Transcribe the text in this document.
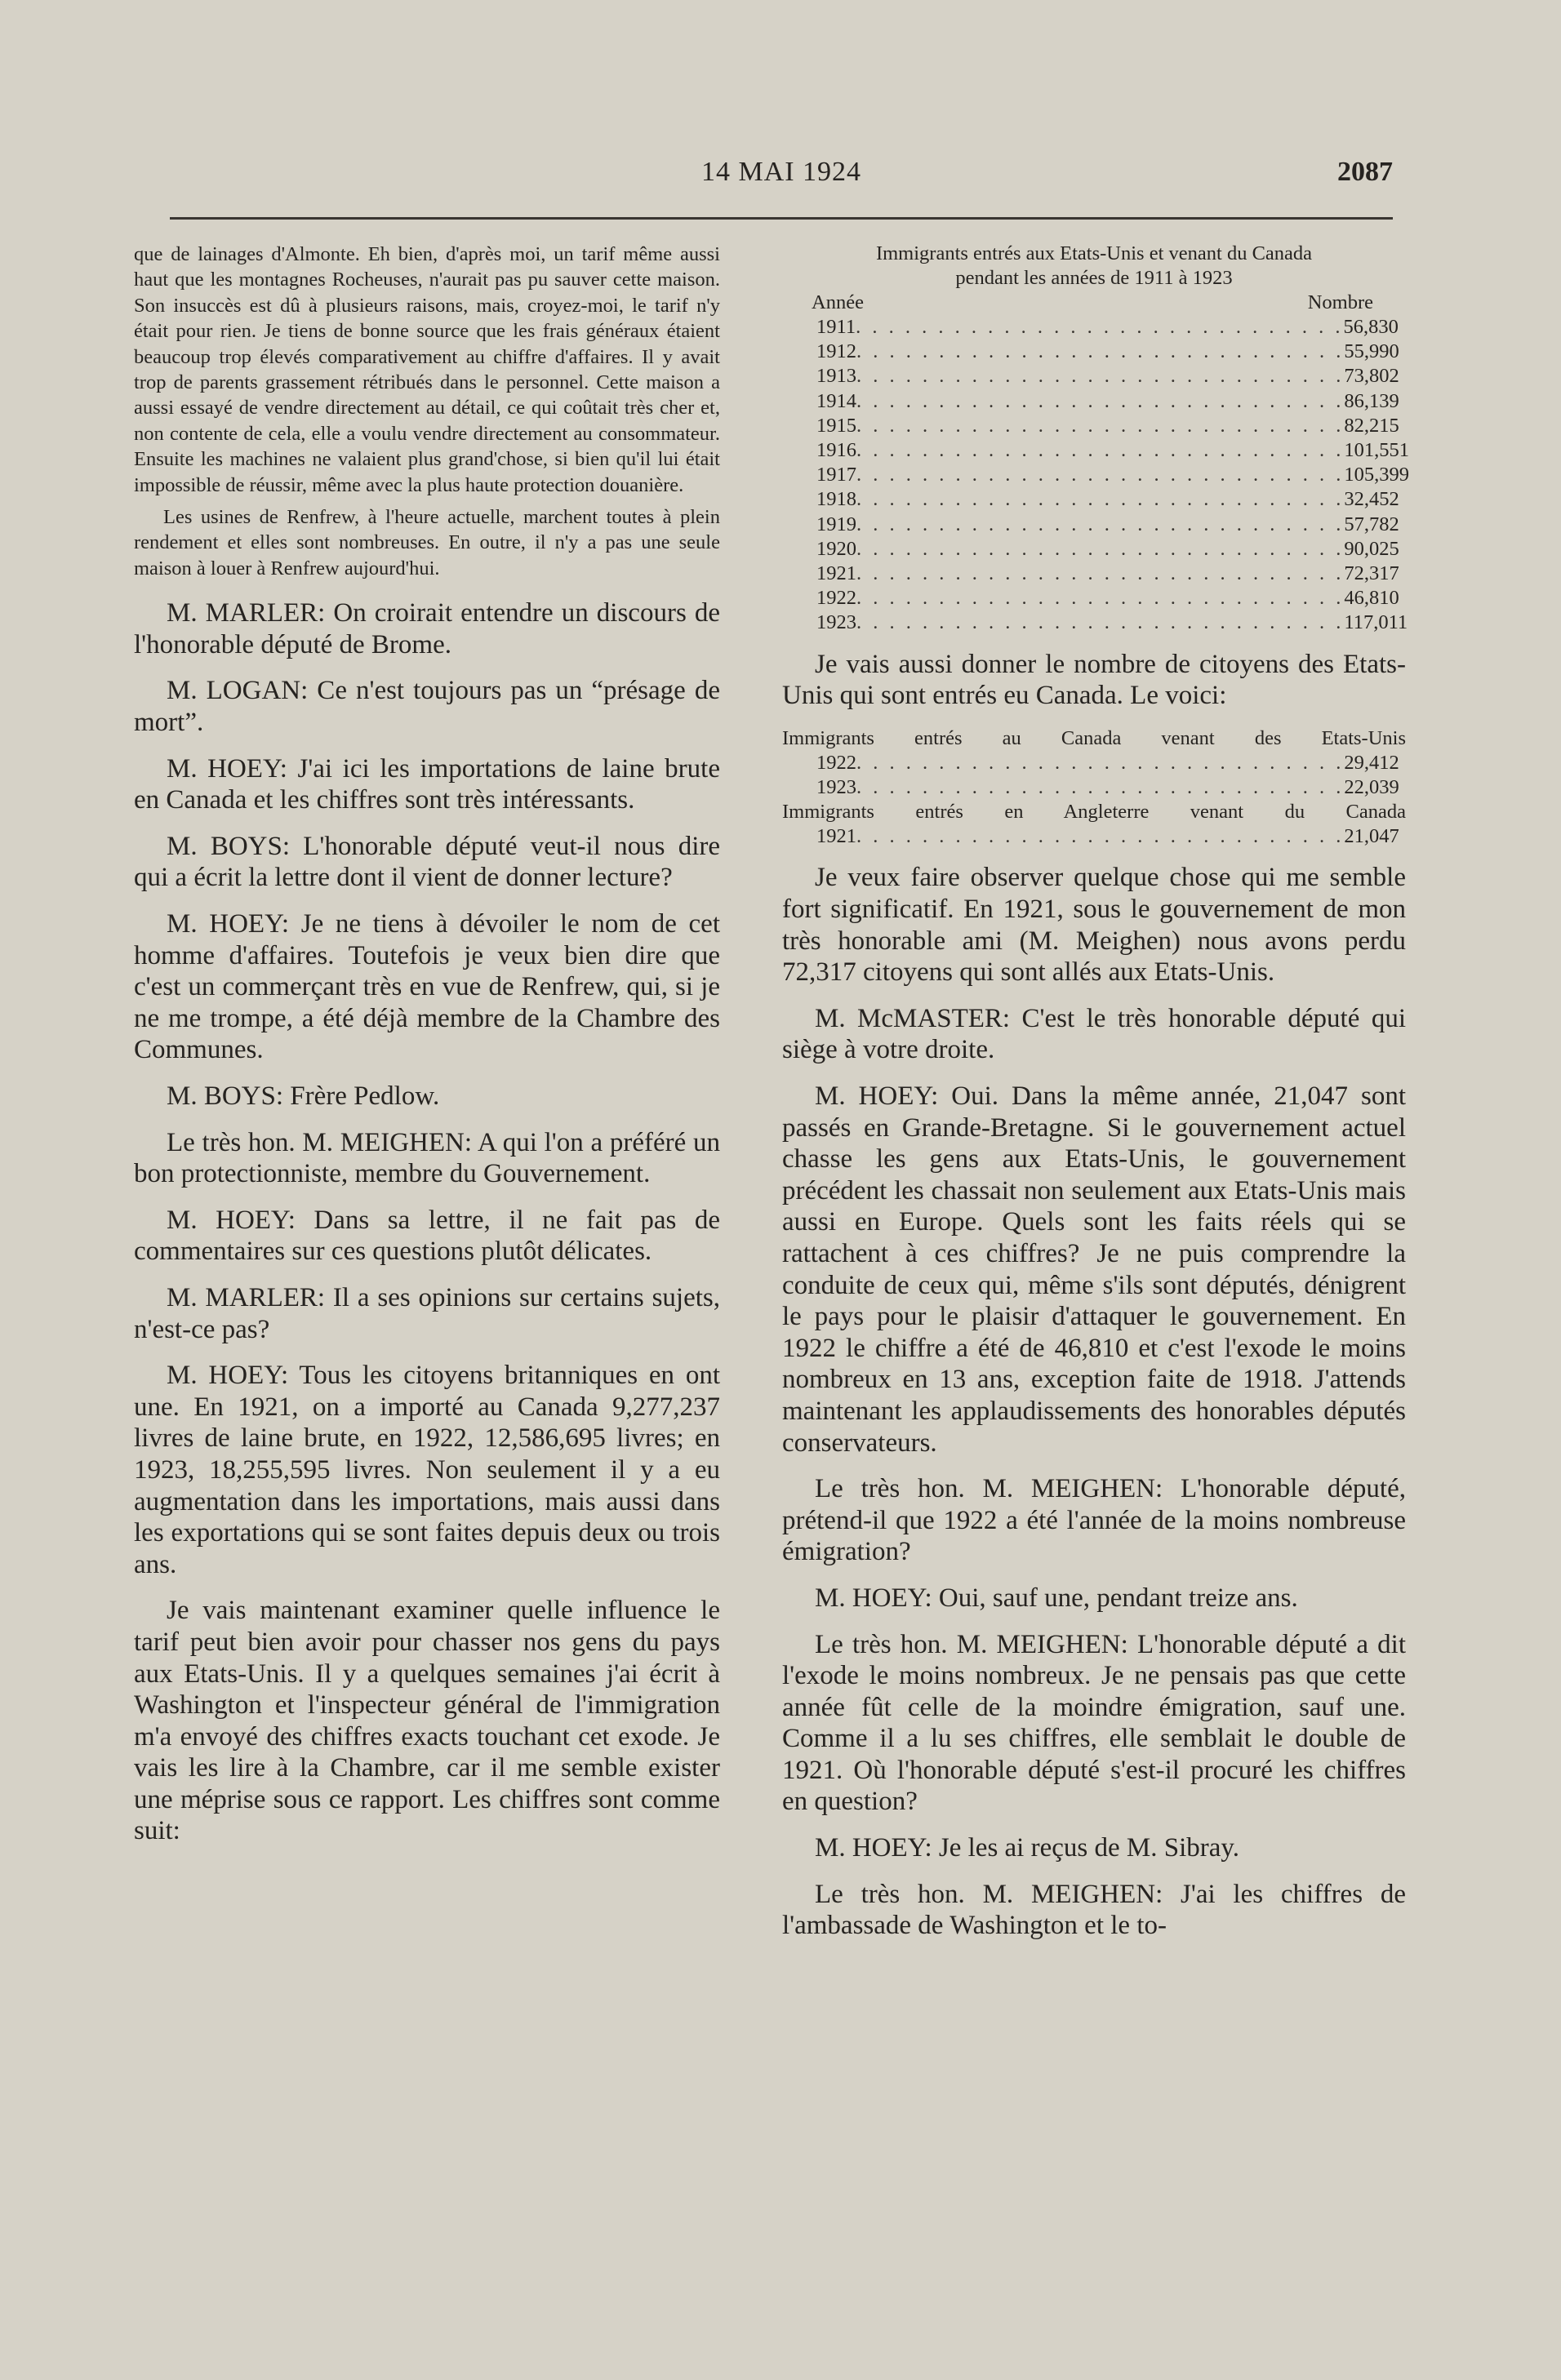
14 MAI 1924	2087

que de lainages d'Almonte. Eh bien, d'après moi, un tarif même aussi haut que les montagnes Rocheuses, n'aurait pas pu sauver cette maison. Son insuccès est dû à plusieurs raisons, mais, croyez-moi, le tarif n'y était pour rien. Je tiens de bonne source que les frais généraux étaient beaucoup trop élevés comparativement au chiffre d'affaires. Il y avait trop de parents grassement rétribués dans le personnel. Cette maison a aussi essayé de vendre directement au détail, ce qui coûtait très cher et, non contente de cela, elle a voulu vendre directement au consommateur. Ensuite les machines ne valaient plus grand'chose, si bien qu'il lui était impossible de réussir, même avec la plus haute protection douanière.

Les usines de Renfrew, à l'heure actuelle, marchent toutes à plein rendement et elles sont nombreuses. En outre, il n'y a pas une seule maison à louer à Renfrew aujourd'hui.

M. MARLER: On croirait entendre un discours de l'honorable député de Brome.

M. LOGAN: Ce n'est toujours pas un “présage de mort”.

M. HOEY: J'ai ici les importations de laine brute en Canada et les chiffres sont très intéressants.

M. BOYS: L'honorable député veut-il nous dire qui a écrit la lettre dont il vient de donner lecture?

M. HOEY: Je ne tiens à dévoiler le nom de cet homme d'affaires. Toutefois je veux bien dire que c'est un commerçant très en vue de Renfrew, qui, si je ne me trompe, a été déjà membre de la Chambre des Communes.

M. BOYS: Frère Pedlow.

Le très hon. M. MEIGHEN: A qui l'on a préféré un bon protectionniste, membre du Gouvernement.

M. HOEY: Dans sa lettre, il ne fait pas de commentaires sur ces questions plutôt délicates.

M. MARLER: Il a ses opinions sur certains sujets, n'est-ce pas?

M. HOEY: Tous les citoyens britanniques en ont une. En 1921, on a importé au Canada 9,277,237 livres de laine brute, en 1922, 12,586,695 livres; en 1923, 18,255,595 livres. Non seulement il y a eu augmentation dans les importations, mais aussi dans les exportations qui se sont faites depuis deux ou trois ans.

Je vais maintenant examiner quelle influence le tarif peut bien avoir pour chasser nos gens du pays aux Etats-Unis. Il y a quelques semaines j'ai écrit à Washington et l'inspecteur général de l'immigration m'a envoyé des chiffres exacts touchant cet exode. Je vais les lire à la Chambre, car il me semble exister une méprise sous ce rapport. Les chiffres sont comme suit:

Immigrants entrés aux Etats-Unis et venant du Canada

pendant les années de 1911 à 1923

Année	Nombre
1911 . . . . . . . . . . . . . . . . . . . . . . . . . . . . . . 56,830
1912 . . . . . . . . . . . . . . . . . . . . . . . . . . . . . . 55,990
1913 . . . . . . . . . . . . . . . . . . . . . . . . . . . . . . 73,802
1914 . . . . . . . . . . . . . . . . . . . . . . . . . . . . . . 86,139
1915 . . . . . . . . . . . . . . . . . . . . . . . . . . . . . . 82,215
1916 . . . . . . . . . . . . . . . . . . . . . . . . . . . . . . 101,551
1917 . . . . . . . . . . . . . . . . . . . . . . . . . . . . . . 105,399
1918 . . . . . . . . . . . . . . . . . . . . . . . . . . . . . . 32,452
1919 . . . . . . . . . . . . . . . . . . . . . . . . . . . . . . 57,782
1920 . . . . . . . . . . . . . . . . . . . . . . . . . . . . . . 90,025
1921 . . . . . . . . . . . . . . . . . . . . . . . . . . . . . . 72,317
1922 . . . . . . . . . . . . . . . . . . . . . . . . . . . . . . 46,810
1923 . . . . . . . . . . . . . . . . . . . . . . . . . . . . . . 117,011

Je vais aussi donner le nombre de citoyens des Etats-Unis qui sont entrés eu Canada. Le voici:

Immigrants entrés au Canada venant des Etats-Unis

1922 . . . . . . . . . . . . . . . . . . . . . . . . . . . . . . 29,412
1923 . . . . . . . . . . . . . . . . . . . . . . . . . . . . . . 22,039

Immigrants entrés en Angleterre venant du Canada

1921 . . . . . . . . . . . . . . . . . . . . . . . . . . . . . . 21,047

Je veux faire observer quelque chose qui me semble fort significatif. En 1921, sous le gouvernement de mon très honorable ami (M. Meighen) nous avons perdu 72,317 citoyens qui sont allés aux Etats-Unis.

M. McMASTER: C'est le très honorable député qui siège à votre droite.

M. HOEY: Oui. Dans la même année, 21,047 sont passés en Grande-Bretagne. Si le gouvernement actuel chasse les gens aux Etats-Unis, le gouvernement précédent les chassait non seulement aux Etats-Unis mais aussi en Europe. Quels sont les faits réels qui se rattachent à ces chiffres? Je ne puis comprendre la conduite de ceux qui, même s'ils sont députés, dénigrent le pays pour le plaisir d'attaquer le gouvernement. En 1922 le chiffre a été de 46,810 et c'est l'exode le moins nombreux en 13 ans, exception faite de 1918. J'attends maintenant les applaudissements des honorables députés conservateurs.

Le très hon. M. MEIGHEN: L'honorable député, prétend-il que 1922 a été l'année de la moins nombreuse émigration?

M. HOEY: Oui, sauf une, pendant treize ans.

Le très hon. M. MEIGHEN: L'honorable député a dit l'exode le moins nombreux. Je ne pensais pas que cette année fût celle de la moindre émigration, sauf une. Comme il a lu ses chiffres, elle semblait le double de 1921. Où l'honorable député s'est-il procuré les chiffres en question?

M. HOEY: Je les ai reçus de M. Sibray.

Le très hon. M. MEIGHEN: J'ai les chiffres de l'ambassade de Washington et le to-
